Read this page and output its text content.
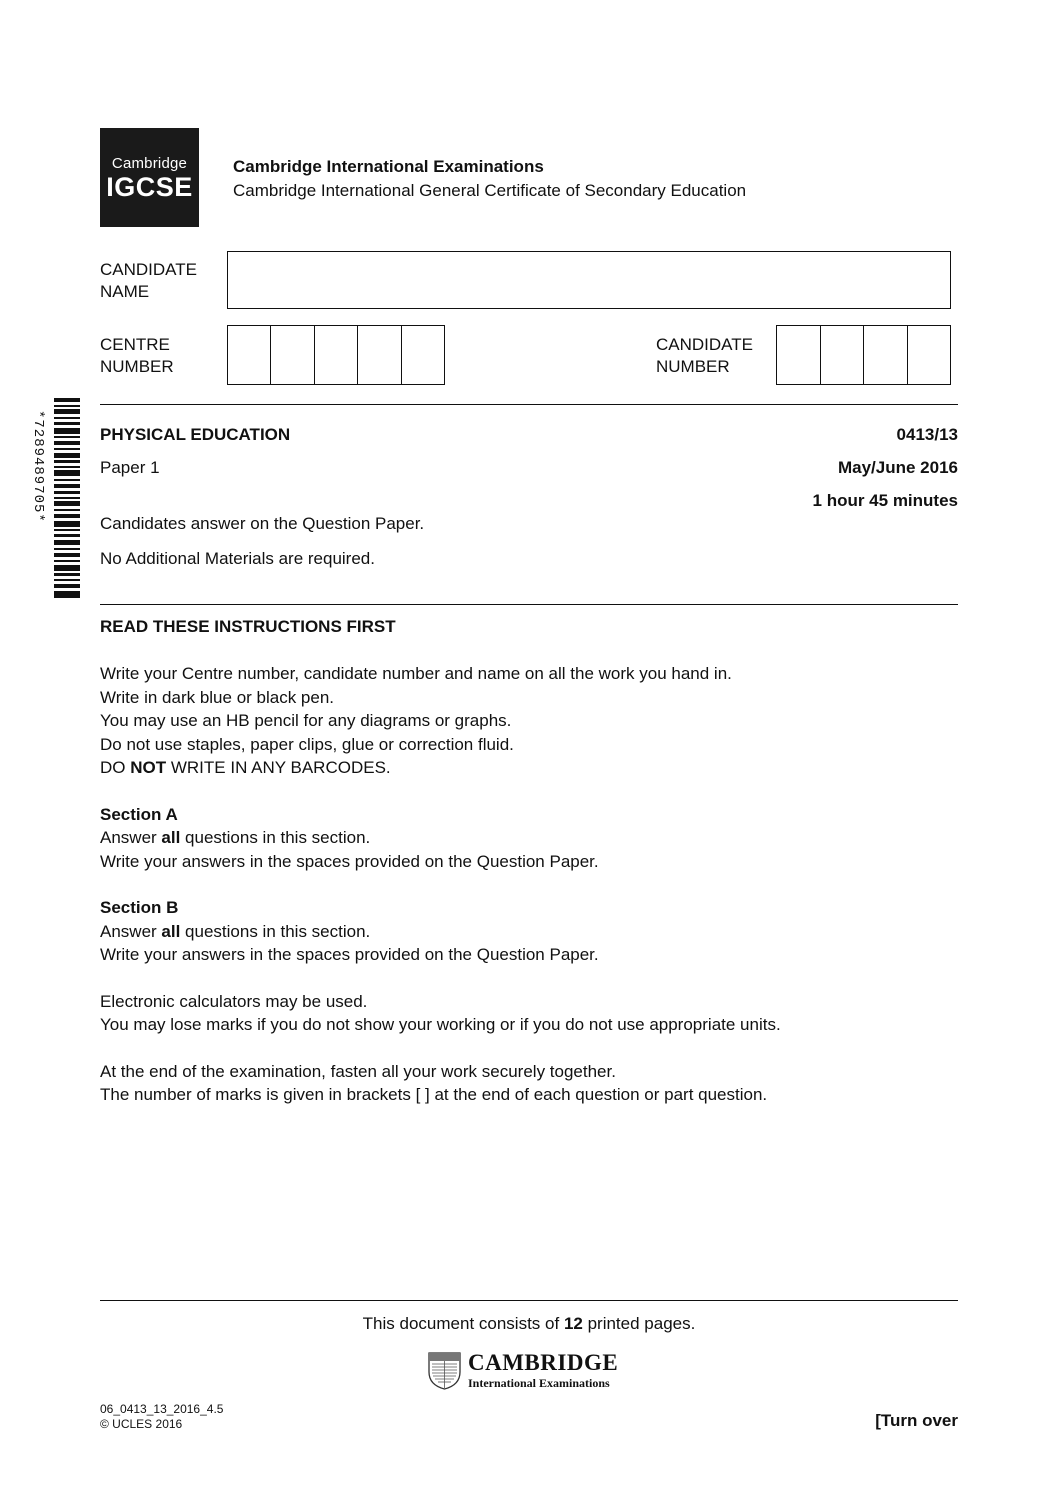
Cambridge
IGCSE
Cambridge International Examinations
Cambridge International General Certificate of Secondary Education
CANDIDATE
NAME
CENTRE
NUMBER
CANDIDATE
NUMBER
*7289489705*	PHYSICAL EDUCATION	0413/13
Paper 1	May/June 2016
1 hour 45 minutes
Candidates answer on the Question Paper.
No Additional Materials are required.
READ THESE INSTRUCTIONS FIRST

Write your Centre number, candidate number and name on all the work you hand in.

Write in dark blue or black pen.

You may use an HB pencil for any diagrams or graphs.

Do not use staples, paper clips, glue or correction fluid.

DO NOT WRITE IN ANY BARCODES.

Section A

Answer all questions in this section.

Write your answers in the spaces provided on the Question Paper.

Section B

Answer all questions in this section.

Write your answers in the spaces provided on the Question Paper.

Electronic calculators may be used.

You may lose marks if you do not show your working or if you do not use appropriate units.

At the end of the examination, fasten all your work securely together.

The number of marks is given in brackets [ ] at the end of each question or part question.

This document consists of 12 printed pages.
CAMBRIDGE
International Examinations
06_0413_13_2016_4.5
© UCLES 2016	[Turn over
